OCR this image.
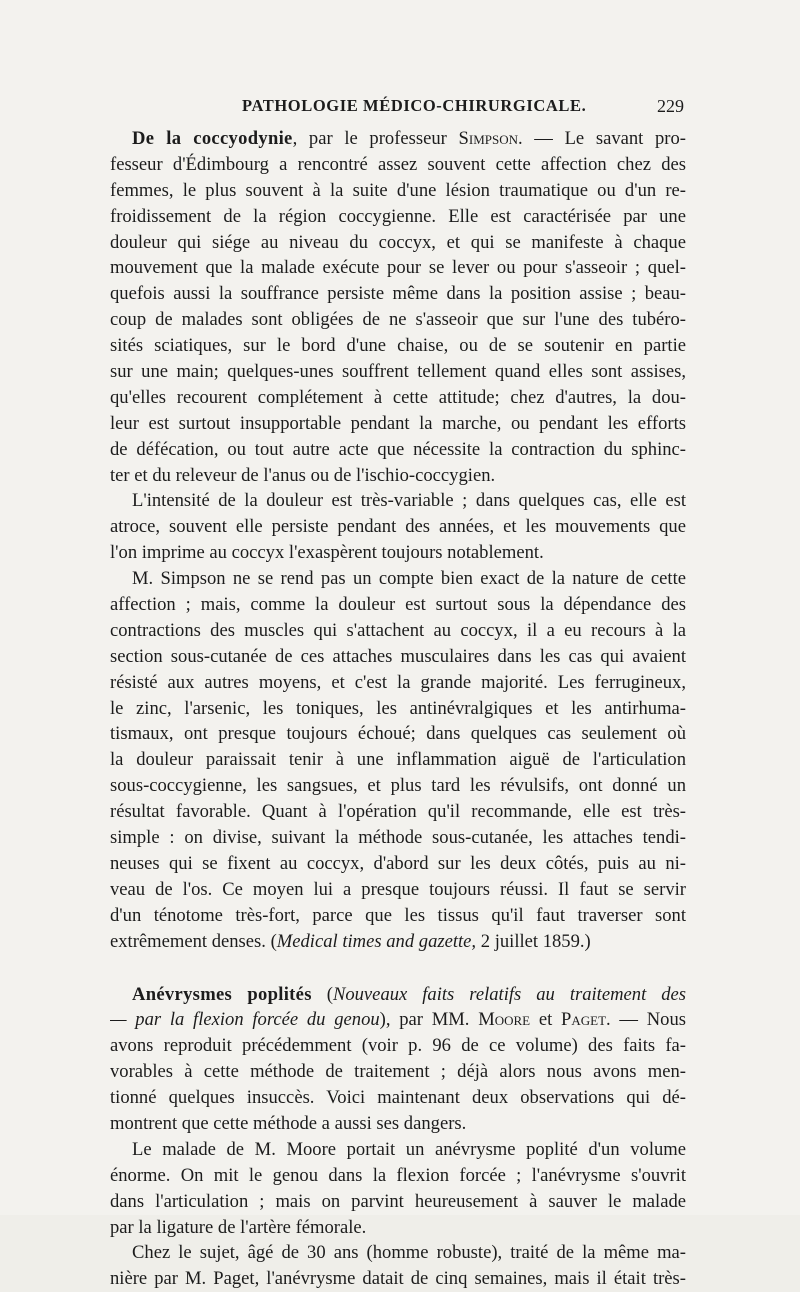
PATHOLOGIE MÉDICO-CHIRURGICALE.	229
De la coccyodynie, par le professeur Simpson. — Le savant pro-
fesseur d'Édimbourg a rencontré assez souvent cette affection chez des
femmes, le plus souvent à la suite d'une lésion traumatique ou d'un re-
froidissement de la région coccygienne. Elle est caractérisée par une
douleur qui siége au niveau du coccyx, et qui se manifeste à chaque
mouvement que la malade exécute pour se lever ou pour s'asseoir ; quel-
quefois aussi la souffrance persiste même dans la position assise ; beau-
coup de malades sont obligées de ne s'asseoir que sur l'une des tubéro-
sités sciatiques, sur le bord d'une chaise, ou de se soutenir en partie
sur une main; quelques-unes souffrent tellement quand elles sont assises,
qu'elles recourent complétement à cette attitude; chez d'autres, la dou-
leur est surtout insupportable pendant la marche, ou pendant les efforts
de défécation, ou tout autre acte que nécessite la contraction du sphinc-
ter et du releveur de l'anus ou de l'ischio-coccygien.
L'intensité de la douleur est très-variable ; dans quelques cas, elle est
atroce, souvent elle persiste pendant des années, et les mouvements que
l'on imprime au coccyx l'exaspèrent toujours notablement.
M. Simpson ne se rend pas un compte bien exact de la nature de cette
affection ; mais, comme la douleur est surtout sous la dépendance des
contractions des muscles qui s'attachent au coccyx, il a eu recours à la
section sous-cutanée de ces attaches musculaires dans les cas qui avaient
résisté aux autres moyens, et c'est la grande majorité. Les ferrugineux,
le zinc, l'arsenic, les toniques, les antinévralgiques et les antirhuma-
tismaux, ont presque toujours échoué; dans quelques cas seulement où
la douleur paraissait tenir à une inflammation aiguë de l'articulation
sous-coccygienne, les sangsues, et plus tard les révulsifs, ont donné un
résultat favorable. Quant à l'opération qu'il recommande, elle est très-
simple : on divise, suivant la méthode sous-cutanée, les attaches tendi-
neuses qui se fixent au coccyx, d'abord sur les deux côtés, puis au ni-
veau de l'os. Ce moyen lui a presque toujours réussi. Il faut se servir
d'un ténotome très-fort, parce que les tissus qu'il faut traverser sont
extrêmement denses. (Medical times and gazette, 2 juillet 1859.)
Anévrysmes poplités (Nouveaux faits relatifs au traitement des
— par la flexion forcée du genou), par MM. Moore et Paget. — Nous
avons reproduit précédemment (voir p. 96 de ce volume) des faits fa-
vorables à cette méthode de traitement ; déjà alors nous avons men-
tionné quelques insuccès. Voici maintenant deux observations qui dé-
montrent que cette méthode a aussi ses dangers.
Le malade de M. Moore portait un anévrysme poplité d'un volume
énorme. On mit le genou dans la flexion forcée ; l'anévrysme s'ouvrit
dans l'articulation ; mais on parvint heureusement à sauver le malade
par la ligature de l'artère fémorale.
Chez le sujet, âgé de 30 ans (homme robuste), traité de la même ma-
nière par M. Paget, l'anévrysme datait de cinq semaines, mais il était très-
